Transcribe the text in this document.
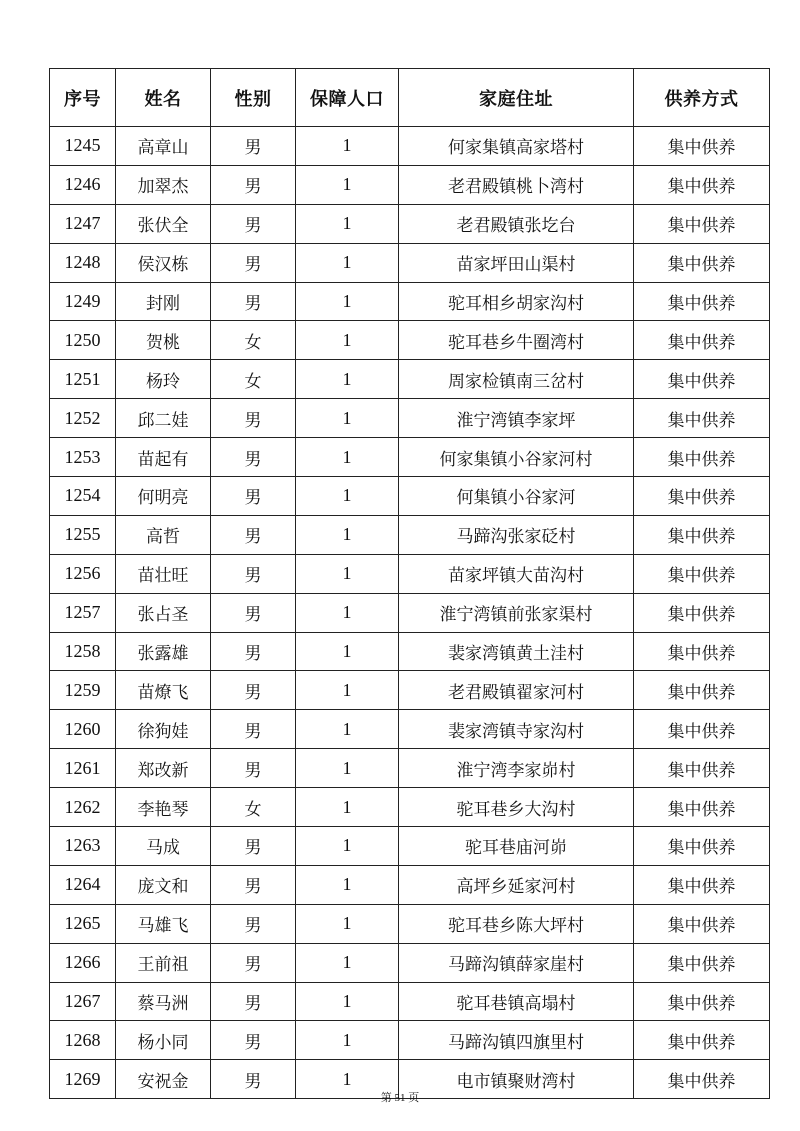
序号	姓名	性别	保障人口	家庭住址	供养方式
1245	高章山	男	1	何家集镇高家塔村	集中供养
1246	加翠杰	男	1	老君殿镇桃卜湾村	集中供养
1247	张伏全	男	1	老君殿镇张圪台	集中供养
1248	侯汉栋	男	1	苗家坪田山渠村	集中供养
1249	封刚	男	1	驼耳相乡胡家沟村	集中供养
1250	贺桃	女	1	驼耳巷乡牛圈湾村	集中供养
1251	杨玲	女	1	周家检镇南三岔村	集中供养
1252	邱二娃	男	1	淮宁湾镇李家坪	集中供养
1253	苗起有	男	1	何家集镇小谷家河村	集中供养
1254	何明亮	男	1	何集镇小谷家河	集中供养
1255	高哲	男	1	马蹄沟张家砭村	集中供养
1256	苗壮旺	男	1	苗家坪镇大苗沟村	集中供养
1257	张占圣	男	1	淮宁湾镇前张家渠村	集中供养
1258	张露雄	男	1	裴家湾镇黄土洼村	集中供养
1259	苗燎飞	男	1	老君殿镇翟家河村	集中供养
1260	徐狗娃	男	1	裴家湾镇寺家沟村	集中供养
1261	郑改新	男	1	淮宁湾李家峁村	集中供养
1262	李艳琴	女	1	驼耳巷乡大沟村	集中供养
1263	马成	男	1	驼耳巷庙河峁	集中供养
1264	庞文和	男	1	高坪乡延家河村	集中供养
1265	马雄飞	男	1	驼耳巷乡陈大坪村	集中供养
1266	王前祖	男	1	马蹄沟镇薛家崖村	集中供养
1267	蔡马洲	男	1	驼耳巷镇高塌村	集中供养
1268	杨小同	男	1	马蹄沟镇四旗里村	集中供养
1269	安祝金	男	1	电市镇聚财湾村	集中供养
第 51 页
